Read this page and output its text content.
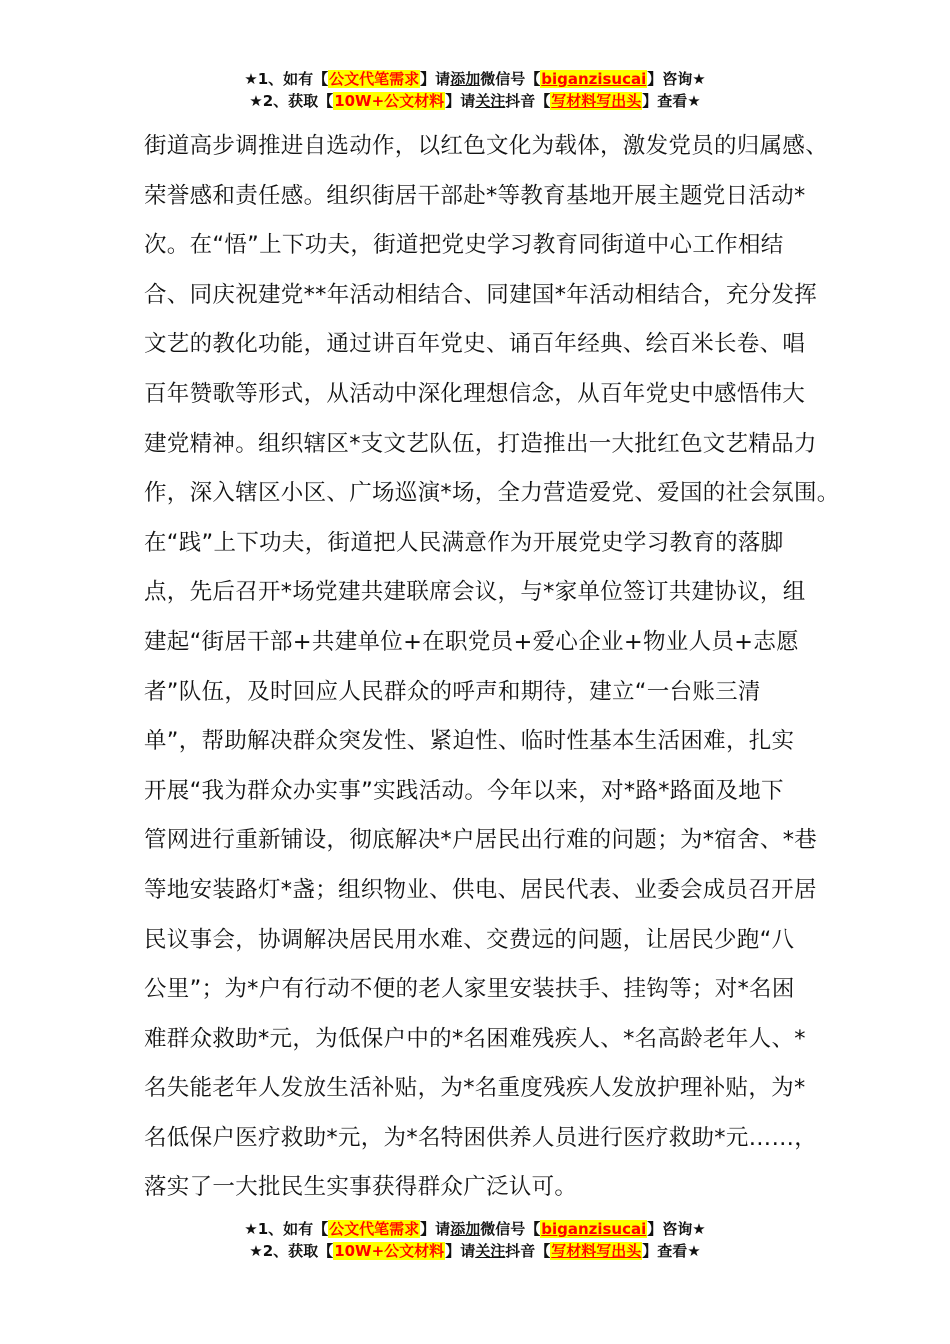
★1、如有【公文代笔需求】请添加微信号【biganzisucai】咨询★
★2、获取【10W+公文材料】请关注抖音【写材料写出头】查看★
街道高步调推进自选动作，以红色文化为载体，激发党员的归属感、
荣誉感和责任感。组织街居干部赴*等教育基地开展主题党日活动*
次。在“悟”上下功夫，街道把党史学习教育同街道中心工作相结
合、同庆祝建党**年活动相结合、同建国*年活动相结合，充分发挥
文艺的教化功能，通过讲百年党史、诵百年经典、绘百米长卷、唱
百年赞歌等形式，从活动中深化理想信念，从百年党史中感悟伟大
建党精神。组织辖区*支文艺队伍，打造推出一大批红色文艺精品力
作，深入辖区小区、广场巡演*场，全力营造爱党、爱国的社会氛围。
在“践”上下功夫，街道把人民满意作为开展党史学习教育的落脚
点，先后召开*场党建共建联席会议，与*家单位签订共建协议，组
建起“街居干部+共建单位+在职党员+爱心企业+物业人员+志愿
者”队伍，及时回应人民群众的呼声和期待，建立“一台账三清
单”，帮助解决群众突发性、紧迫性、临时性基本生活困难，扎实
开展“我为群众办实事”实践活动。今年以来，对*路*路面及地下
管网进行重新铺设，彻底解决*户居民出行难的问题；为*宿舍、*巷
等地安装路灯*盏；组织物业、供电、居民代表、业委会成员召开居
民议事会，协调解决居民用水难、交费远的问题，让居民少跑“八
公里”；为*户有行动不便的老人家里安装扶手、挂钩等；对*名困
难群众救助*元，为低保户中的*名困难残疾人、*名高龄老年人、*
名失能老年人发放生活补贴，为*名重度残疾人发放护理补贴，为*
名低保户医疗救助*元，为*名特困供养人员进行医疗救助*元……，
落实了一大批民生实事获得群众广泛认可。
★1、如有【公文代笔需求】请添加微信号【biganzisucai】咨询★
★2、获取【10W+公文材料】请关注抖音【写材料写出头】查看★
